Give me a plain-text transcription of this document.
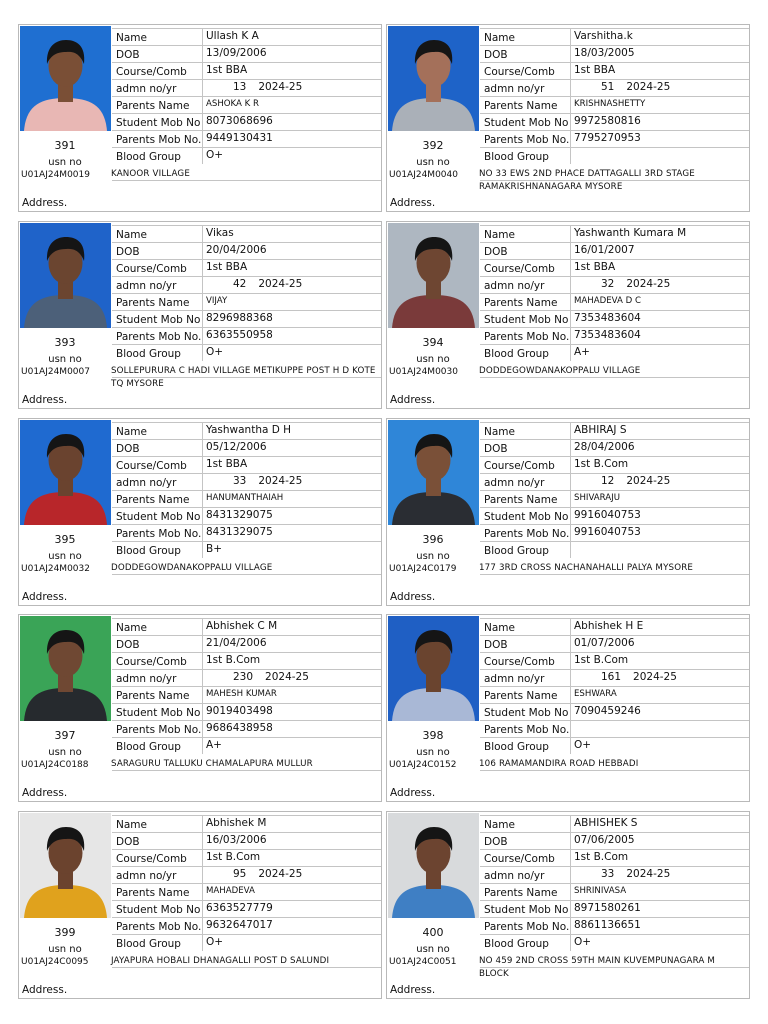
391
usn no
U01AJ24M0019
Address.
KANOOR VILLAGE
Name	Ullash K A
DOB	13/09/2006
Course/Comb	1st BBA
admn no/yr	13 2024-25
Parents Name	ASHOKA K R
Student Mob No 8073068696
Parents Mob No. 9449130431
Blood Group	O+
392
usn no
U01AJ24M0040
Address.
NO 33 EWS 2ND PHACE DATTAGALLI 3RD STAGE RAMAKRISHNANAGARA MYSORE
Name	Varshitha.k
DOB	18/03/2005
Course/Comb	1st BBA
admn no/yr	51 2024-25
Parents Name	KRISHNASHETTY
Student Mob No 9972580816
Parents Mob No. 7795270953
Blood Group
393
usn no
U01AJ24M0007
Address.
SOLLEPURURA C HADI VILLAGE METIKUPPE POST H D KOTE TQ MYSORE
Name	Vikas
DOB	20/04/2006
Course/Comb	1st BBA
admn no/yr	42 2024-25
Parents Name	VIJAY
Student Mob No 8296988368
Parents Mob No. 6363550958
Blood Group	O+
394
usn no
U01AJ24M0030
Address.
DODDEGOWDANAKOPPALU VILLAGE
Name	Yashwanth Kumara M
DOB	16/01/2007
Course/Comb	1st BBA
admn no/yr	32 2024-25
Parents Name	MAHADEVA D C
Student Mob No 7353483604
Parents Mob No. 7353483604
Blood Group	A+
395
usn no
U01AJ24M0032
Address.
DODDEGOWDANAKOPPALU VILLAGE
Name	Yashwantha D H
DOB	05/12/2006
Course/Comb	1st BBA
admn no/yr	33 2024-25
Parents Name	HANUMANTHAIAH
Student Mob No 8431329075
Parents Mob No. 8431329075
Blood Group	B+
396
usn no
U01AJ24C0179
Address.
177 3RD CROSS NACHANAHALLI PALYA MYSORE
Name	ABHIRAJ S
DOB	28/04/2006
Course/Comb	1st B.Com
admn no/yr	12 2024-25
Parents Name	SHIVARAJU
Student Mob No 9916040753
Parents Mob No. 9916040753
Blood Group
397
usn no
U01AJ24C0188
Address.
SARAGURU TALLUKU CHAMALAPURA MULLUR
Name	Abhishek C M
DOB	21/04/2006
Course/Comb	1st B.Com
admn no/yr	230 2024-25
Parents Name	MAHESH KUMAR
Student Mob No 9019403498
Parents Mob No. 9686438958
Blood Group	A+
398
usn no
U01AJ24C0152
Address.
106 RAMAMANDIRA ROAD HEBBADI
Name	Abhishek H E
DOB	01/07/2006
Course/Comb	1st B.Com
admn no/yr	161 2024-25
Parents Name	ESHWARA
Student Mob No 7090459246
Parents Mob No.
Blood Group	O+
399
usn no
U01AJ24C0095
Address.
JAYAPURA HOBALI DHANAGALLI POST D SALUNDI
Name	Abhishek M
DOB	16/03/2006
Course/Comb	1st B.Com
admn no/yr	95 2024-25
Parents Name	MAHADEVA
Student Mob No 6363527779
Parents Mob No. 9632647017
Blood Group	O+
400
usn no
U01AJ24C0051
Address.
NO 459 2ND CROSS 59TH MAIN KUVEMPUNAGARA M BLOCK
Name	ABHISHEK S
DOB	07/06/2005
Course/Comb	1st B.Com
admn no/yr	33 2024-25
Parents Name	SHRINIVASA
Student Mob No 8971580261
Parents Mob No. 8861136651
Blood Group	O+
